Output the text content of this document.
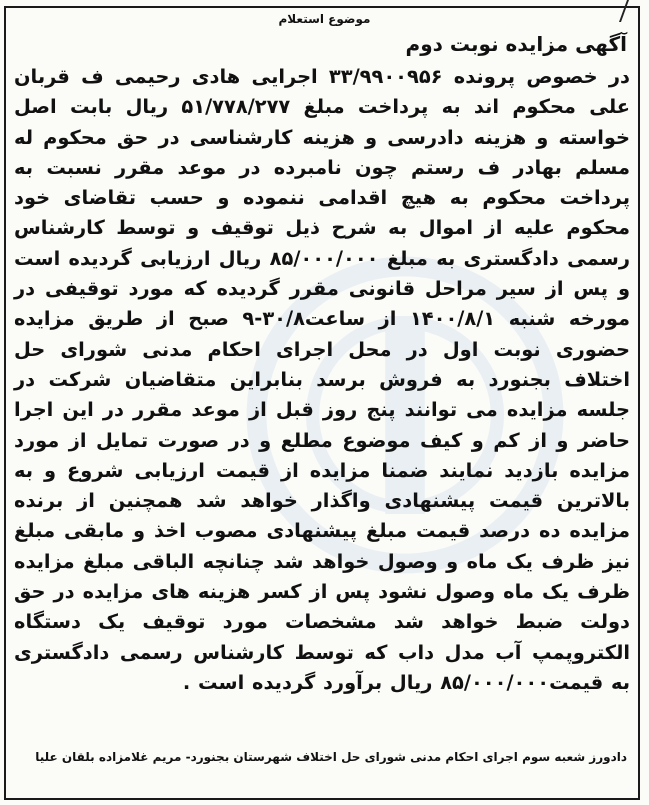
موضوع استعلام
آگهی مزایده نوبت دوم
در خصوص پرونده ۳۳/۹۹۰۰۹۵۶ اجرایی هادی رحیمی ف قربان علی محکوم اند به پرداخت مبلغ ۵۱/۷۷۸/۲۷۷ ریال بابت اصل خواسته و هزینه دادرسی و هزینه کارشناسی در حق محکوم له مسلم بهادر ف رستم چون نامبرده در موعد مقرر نسبت به پرداخت محکوم به هیچ اقدامی ننموده و حسب تقاضای خود محکوم علیه از اموال به شرح ذیل توقیف و توسط کارشناس رسمی دادگستری به مبلغ ۸۵/۰۰۰/۰۰۰ ریال ارزیابی گردیده است و پس از سیر مراحل قانونی مقرر گردیده که مورد توقیفی در مورخه شنبه ۱۴۰۰/۸/۱ از ساعت۳۰/۸-۹ صبح از طریق مزایده حضوری نوبت اول در محل اجرای احکام مدنی شورای حل اختلاف بجنورد به فروش برسد بنابراین متقاضیان شرکت در جلسه مزایده می توانند پنج روز قبل از موعد مقرر در این اجرا حاضر و از کم و کیف موضوع مطلع و در صورت تمایل از مورد مزایده بازدید نمایند ضمنا مزایده از قیمت ارزیابی شروع و به بالاترین قیمت پیشنهادی واگذار خواهد شد همچنین از برنده مزایده ده درصد قیمت مبلغ پیشنهادی مصوب اخذ و مابقی مبلغ نیز ظرف یک ماه و وصول خواهد شد چنانچه الباقی مبلغ مزایده ظرف یک ماه وصول نشود پس از کسر هزینه های مزایده در حق دولت ضبط خواهد شد مشخصات مورد توقیف یک دستگاه الکتروپمپ آب مدل داب که توسط کارشناس رسمی دادگستری به قیمت۸۵/۰۰۰/۰۰۰ ریال برآورد گردیده است .
دادورز شعبه سوم اجرای احکام مدنی شورای حل اختلاف شهرستان بجنورد- مریم غلامزاده بلقان علیا
